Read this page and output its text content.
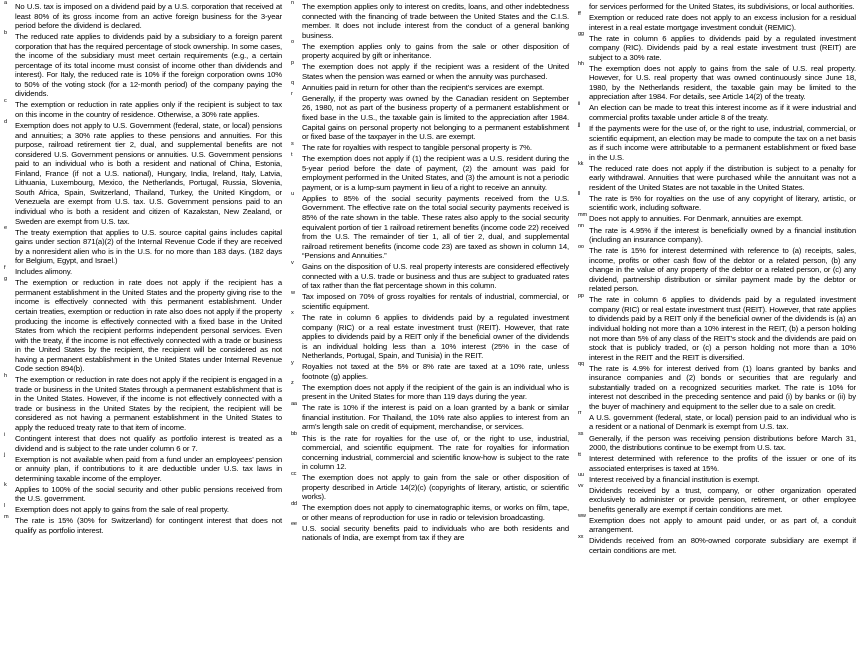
a No U.S. tax is imposed on a dividend paid by a U.S. corporation that received at least 80% of its gross income from an active foreign business for the 3-year period before the dividend is declared.
b The reduced rate applies to dividends paid by a subsidiary to a foreign parent corporation that has the required percentage of stock ownership. In some cases, the income of the subsidiary must meet certain requirements (e.g., a certain percentage of its total income must consist of income other than dividends and interest). For Italy, the reduced rate is 10% if the foreign corporation owns 10% to 50% of the voting stock (for a 12-month period) of the company paying the dividends.
c The exemption or reduction in rate applies only if the recipient is subject to tax on this income in the country of residence. Otherwise, a 30% rate applies.
d Exemption does not apply to U.S. Government (federal, state, or local) pensions and annuities; a 30% rate applies to these pensions and annuities. For this purpose, railroad retirement tier 2, dual, and supplemental benefits are not considered U.S. Government pensions or annuities. U.S. Government pensions paid to an individual who is both a resident and national of China, Estonia, Finland, France (if not a U.S. national), Hungary, India, Ireland, Italy, Latvia, Lithuania, Luxembourg, Mexico, the Netherlands, Portugal, Russia, Slovenia, South Africa, Spain, Switzerland, Thailand, Turkey, the United Kingdom, or Venezuela are exempt from U.S. tax. U.S. Government pensions paid to an individual who is both a resident and citizen of Kazakstan, New Zealand, or Sweden are exempt from U.S. tax.
e The treaty exemption that applies to U.S. source capital gains includes capital gains under section 871(a)(2) of the Internal Revenue Code if they are received by a nonresident alien who is in the U.S. for no more than 183 days. (182 days for Belgium, Egypt, and Israel.)
f Includes alimony.
g The exemption or reduction in rate does not apply if the recipient has a permanent establishment in the United States and the property giving rise to the income is effectively connected with this permanent establishment. Under certain treaties, exemption or reduction in rate also does not apply if the property producing the income is effectively connected with a fixed base in the United States from which the recipient performs independent personal services. Even with the treaty, if the income is not effectively connected with a trade or business in the United States by the recipient, the recipient will be considered as not having a permanent establishment in the United States under Internal Revenue Code section 894(b).
h The exemption or reduction in rate does not apply if the recipient is engaged in a trade or business in the United States through a permanent establishment that is in the United States. However, if the income is not effectively connected with a trade or business in the United States by the recipient, the recipient will be considered as not having a permanent establishment in the United States to apply the reduced treaty rate to that item of income.
i Contingent interest that does not qualify as portfolio interest is treated as a dividend and is subject to the rate under column 6 or 7.
j Exemption is not available when paid from a fund under an employees’ pension or annuity plan, if contributions to it are deductible under U.S. tax laws in determining taxable income of the employer.
k Applies to 100% of the social security and other public pensions received from the U.S. government.
l Exemption does not apply to gains from the sale of real property.
m The rate is 15% (30% for Switzerland) for contingent interest that does not qualify as portfolio interest.
n The exemption applies only to interest on credits, loans, and other indebtedness connected with the financing of trade between the United States and the C.I.S. member. It does not include interest from the conduct of a general banking business.
o The exemption applies only to gains from the sale or other disposition of property acquired by gift or inheritance.
p The exemption does not apply if the recipient was a resident of the United States when the pension was earned or when the annuity was purchased.
q Annuities paid in return for other than the recipient’s services are exempt.
r Generally, if the property was owned by the Canadian resident on September 26, 1980, not as part of the business property of a permanent establishment or fixed base in the U.S., the taxable gain is limited to the appreciation after 1984. Capital gains on personal property not belonging to a permanent establishment or fixed base of the taxpayer in the U.S. are exempt.
s The rate for royalties with respect to tangible personal property is 7%.
t The exemption does not apply if (1) the recipient was a U.S. resident during the 5-year period before the date of payment, (2) the amount was paid for employment performed in the United States, and (3) the amount is not a periodic payment, or is a lump-sum payment in lieu of a right to receive an annuity.
u Applies to 85% of the social security payments received from the U.S. Government. The effective rate on the total social security payments received is 85% of the rate shown in the table. These rates also apply to the social security equivalent portion of tier 1 railroad retirement benefits (income code 22) received from the U.S. The remainder of tier 1, all of tier 2, dual, and supplemental railroad retirement benefits (income code 23) are taxed as shown in column 14, “Pensions and Annuities.”
v Gains on the disposition of U.S. real property interests are considered effectively connected with a U.S. trade or business and thus are subject to graduated rates of tax rather than the flat percentage shown in this column.
w Tax imposed on 70% of gross royalties for rentals of industrial, commercial, or scientific equipment.
x The rate in column 6 applies to dividends paid by a regulated investment company (RIC) or a real estate investment trust (REIT). However, that rate applies to dividends paid by a REIT only if the beneficial owner of the dividends is an individual holding less than a 10% interest (25% in the case of Netherlands, Portugal, Spain, and Tunisia) in the REIT.
y Royalties not taxed at the 5% or 8% rate are taxed at a 10% rate, unless footnote (g) applies.
z The exemption does not apply if the recipient of the gain is an individual who is present in the United States for more than 119 days during the year.
aa The rate is 10% if the interest is paid on a loan granted by a bank or similar financial institution. For Thailand, the 10% rate also applies to interest from an arm’s length sale on credit of equipment, merchandise, or services.
bb This is the rate for royalties for the use of, or the right to use, industrial, commercial, and scientific equipment. The rate for royalties for information concerning industrial, commercial and scientific know-how is subject to the rate in column 12.
cc The exemption does not apply to gain from the sale or other disposition of property described in Article 14(2)(c) (copyrights of literary, artistic, or scientific works).
dd The exemption does not apply to cinematographic items, or works on film, tape, or other means of reproduction for use in radio or television broadcasting.
ee U.S. social security benefits paid to individuals who are both residents and nationals of India, are exempt from tax if they are
for services performed for the United States, its subdivisions, or local authorities.
ff Exemption or reduced rate does not apply to an excess inclusion for a residual interest in a real estate mortgage investment conduit (REMIC).
gg The rate in column 6 applies to dividends paid by a regulated investment company (RIC). Dividends paid by a real estate investment trust (REIT) are subject to a 30% rate.
hh The exemption does not apply to gains from the sale of U.S. real property. However, for U.S. real property that was owned continuously since June 18, 1980, by the Netherlands resident, the taxable gain may be limited to the appreciation after 1984. For details, see Article 14(2) of the treaty.
ii An election can be made to treat this interest income as if it were industrial and commercial profits taxable under article 8 of the treaty.
jj If the payments were for the use of, or the right to use, industrial, commercial, or scientific equipment, an election may be made to compute the tax on a net basis as if such income were attributable to a permanent establishment or fixed base in the U.S.
kk The reduced rate does not apply if the distribution is subject to a penalty for early withdrawal. Annuities that were purchased while the annuitant was not a resident of the United States are not taxable in the United States.
ll The rate is 5% for royalties on the use of any copyright of literary, artistic, or scientific work, including software.
mm Does not apply to annuities. For Denmark, annuities are exempt.
nn The rate is 4.95% if the interest is beneficially owned by a financial institution (including an insurance company).
oo The rate is 15% for interest determined with reference to (a) receipts, sales, income, profits or other cash flow of the debtor or a related person, (b) any change in the value of any property of the debtor or a related person, or (c) any dividend, partnership distribution or similar payment made by the debtor or related person.
pp The rate in column 6 applies to dividends paid by a regulated investment company (RIC) or real estate investment trust (REIT). However, that rate applies to dividends paid by a REIT only if the beneficial owner of the dividends is (a) an individual holding not more than a 10% interest in the REIT, (b) a person holding not more than 5% of any class of the REIT’s stock and the dividends are paid on stock that is publicly traded, or (c) a person holding not more than a 10% interest in the REIT and the REIT is diversified.
qq The rate is 4.9% for interest derived from (1) loans granted by banks and insurance companies and (2) bonds or securities that are regularly and substantially traded on a recognized securities market. The rate is 10% for interest not described in the preceding sentence and paid (i) by banks or (ii) by the buyer of machinery and equipment to the seller due to a sale on credit.
rr A U.S. government (federal, state, or local) pension paid to an individual who is a resident or a national of Denmark is exempt from U.S. tax.
ss Generally, if the person was receiving pension distributions before March 31, 2000, the distributions continue to be exempt from U.S. tax.
tt Interest determined with reference to the profits of the issuer or one of its associated enterprises is taxed at 15%.
uu Interest received by a financial institution is exempt.
vv Dividends received by a trust, company, or other organization operated exclusively to administer or provide pension, retirement, or other employee benefits generally are exempt if certain conditions are met.
ww Exemption does not apply to amount paid under, or as part of, a conduit arrangement.
xx Dividends received from an 80%-owned corporate subsidiary are exempt if certain conditions are met.
